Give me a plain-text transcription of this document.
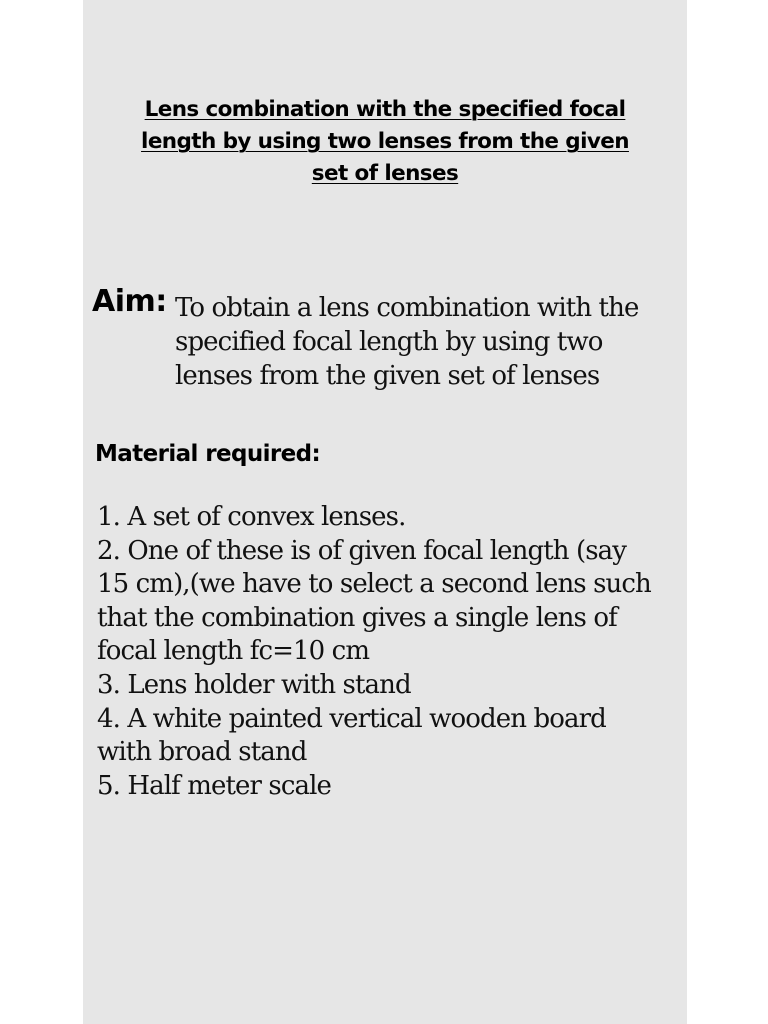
Lens combination with the specified focal
length by using two lenses from the given
set of lenses
Aim: To obtain a lens combination with the
specified focal length by using two
lenses from the given set of lenses
Material required:
1. A set of convex lenses.
2. One of these is of given focal length (say
15 cm),(we have to select a second lens such
that the combination gives a single lens of
focal length fc=10 cm
3. Lens holder with stand
4. A white painted vertical wooden board
with broad stand
5. Half meter scale
